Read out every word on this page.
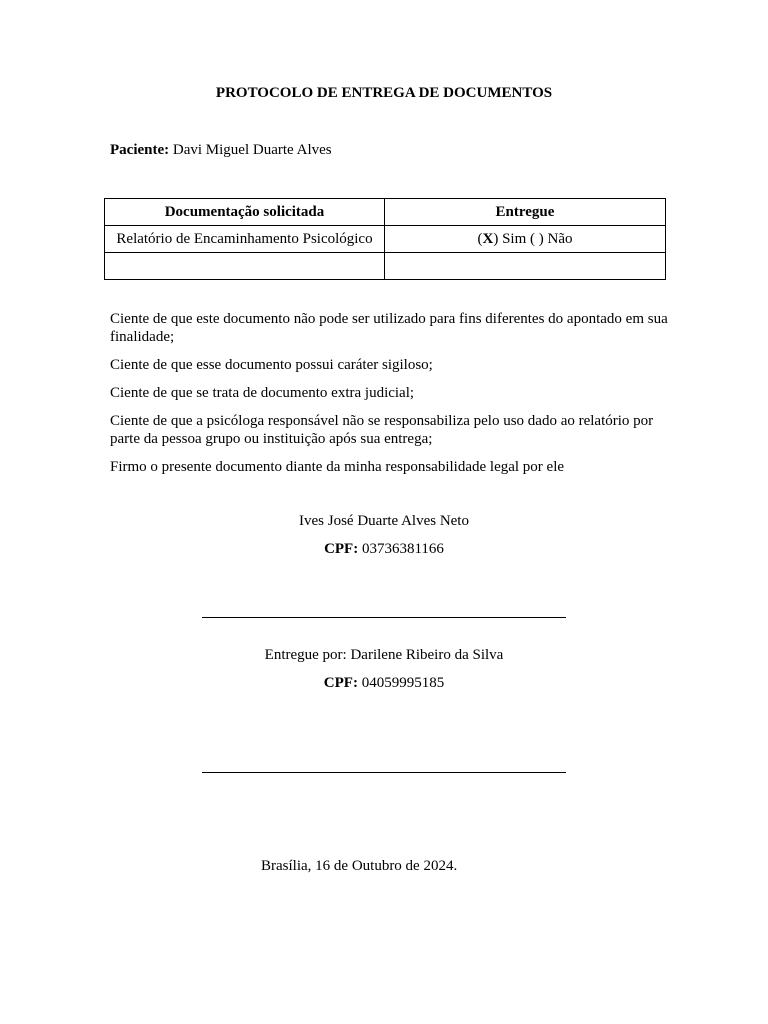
PROTOCOLO DE ENTREGA DE DOCUMENTOS
Paciente: Davi Miguel Duarte Alves
Documentação solicitada	Entregue
Relatório de Encaminhamento Psicológico	(X) Sim ( ) Não

Ciente de que este documento não pode ser utilizado para fins diferentes do apontado em sua finalidade;
Ciente de que esse documento possui caráter sigiloso;
Ciente de que se trata de documento extra judicial;
Ciente de que a psicóloga responsável não se responsabiliza pelo uso dado ao relatório por parte da pessoa grupo ou instituição após sua entrega;
Firmo o presente documento diante da minha responsabilidade legal por ele
Ives José Duarte Alves Neto
CPF: 03736381166
Entregue por: Darilene Ribeiro da Silva
CPF: 04059995185
Brasília, 16 de Outubro de 2024.
